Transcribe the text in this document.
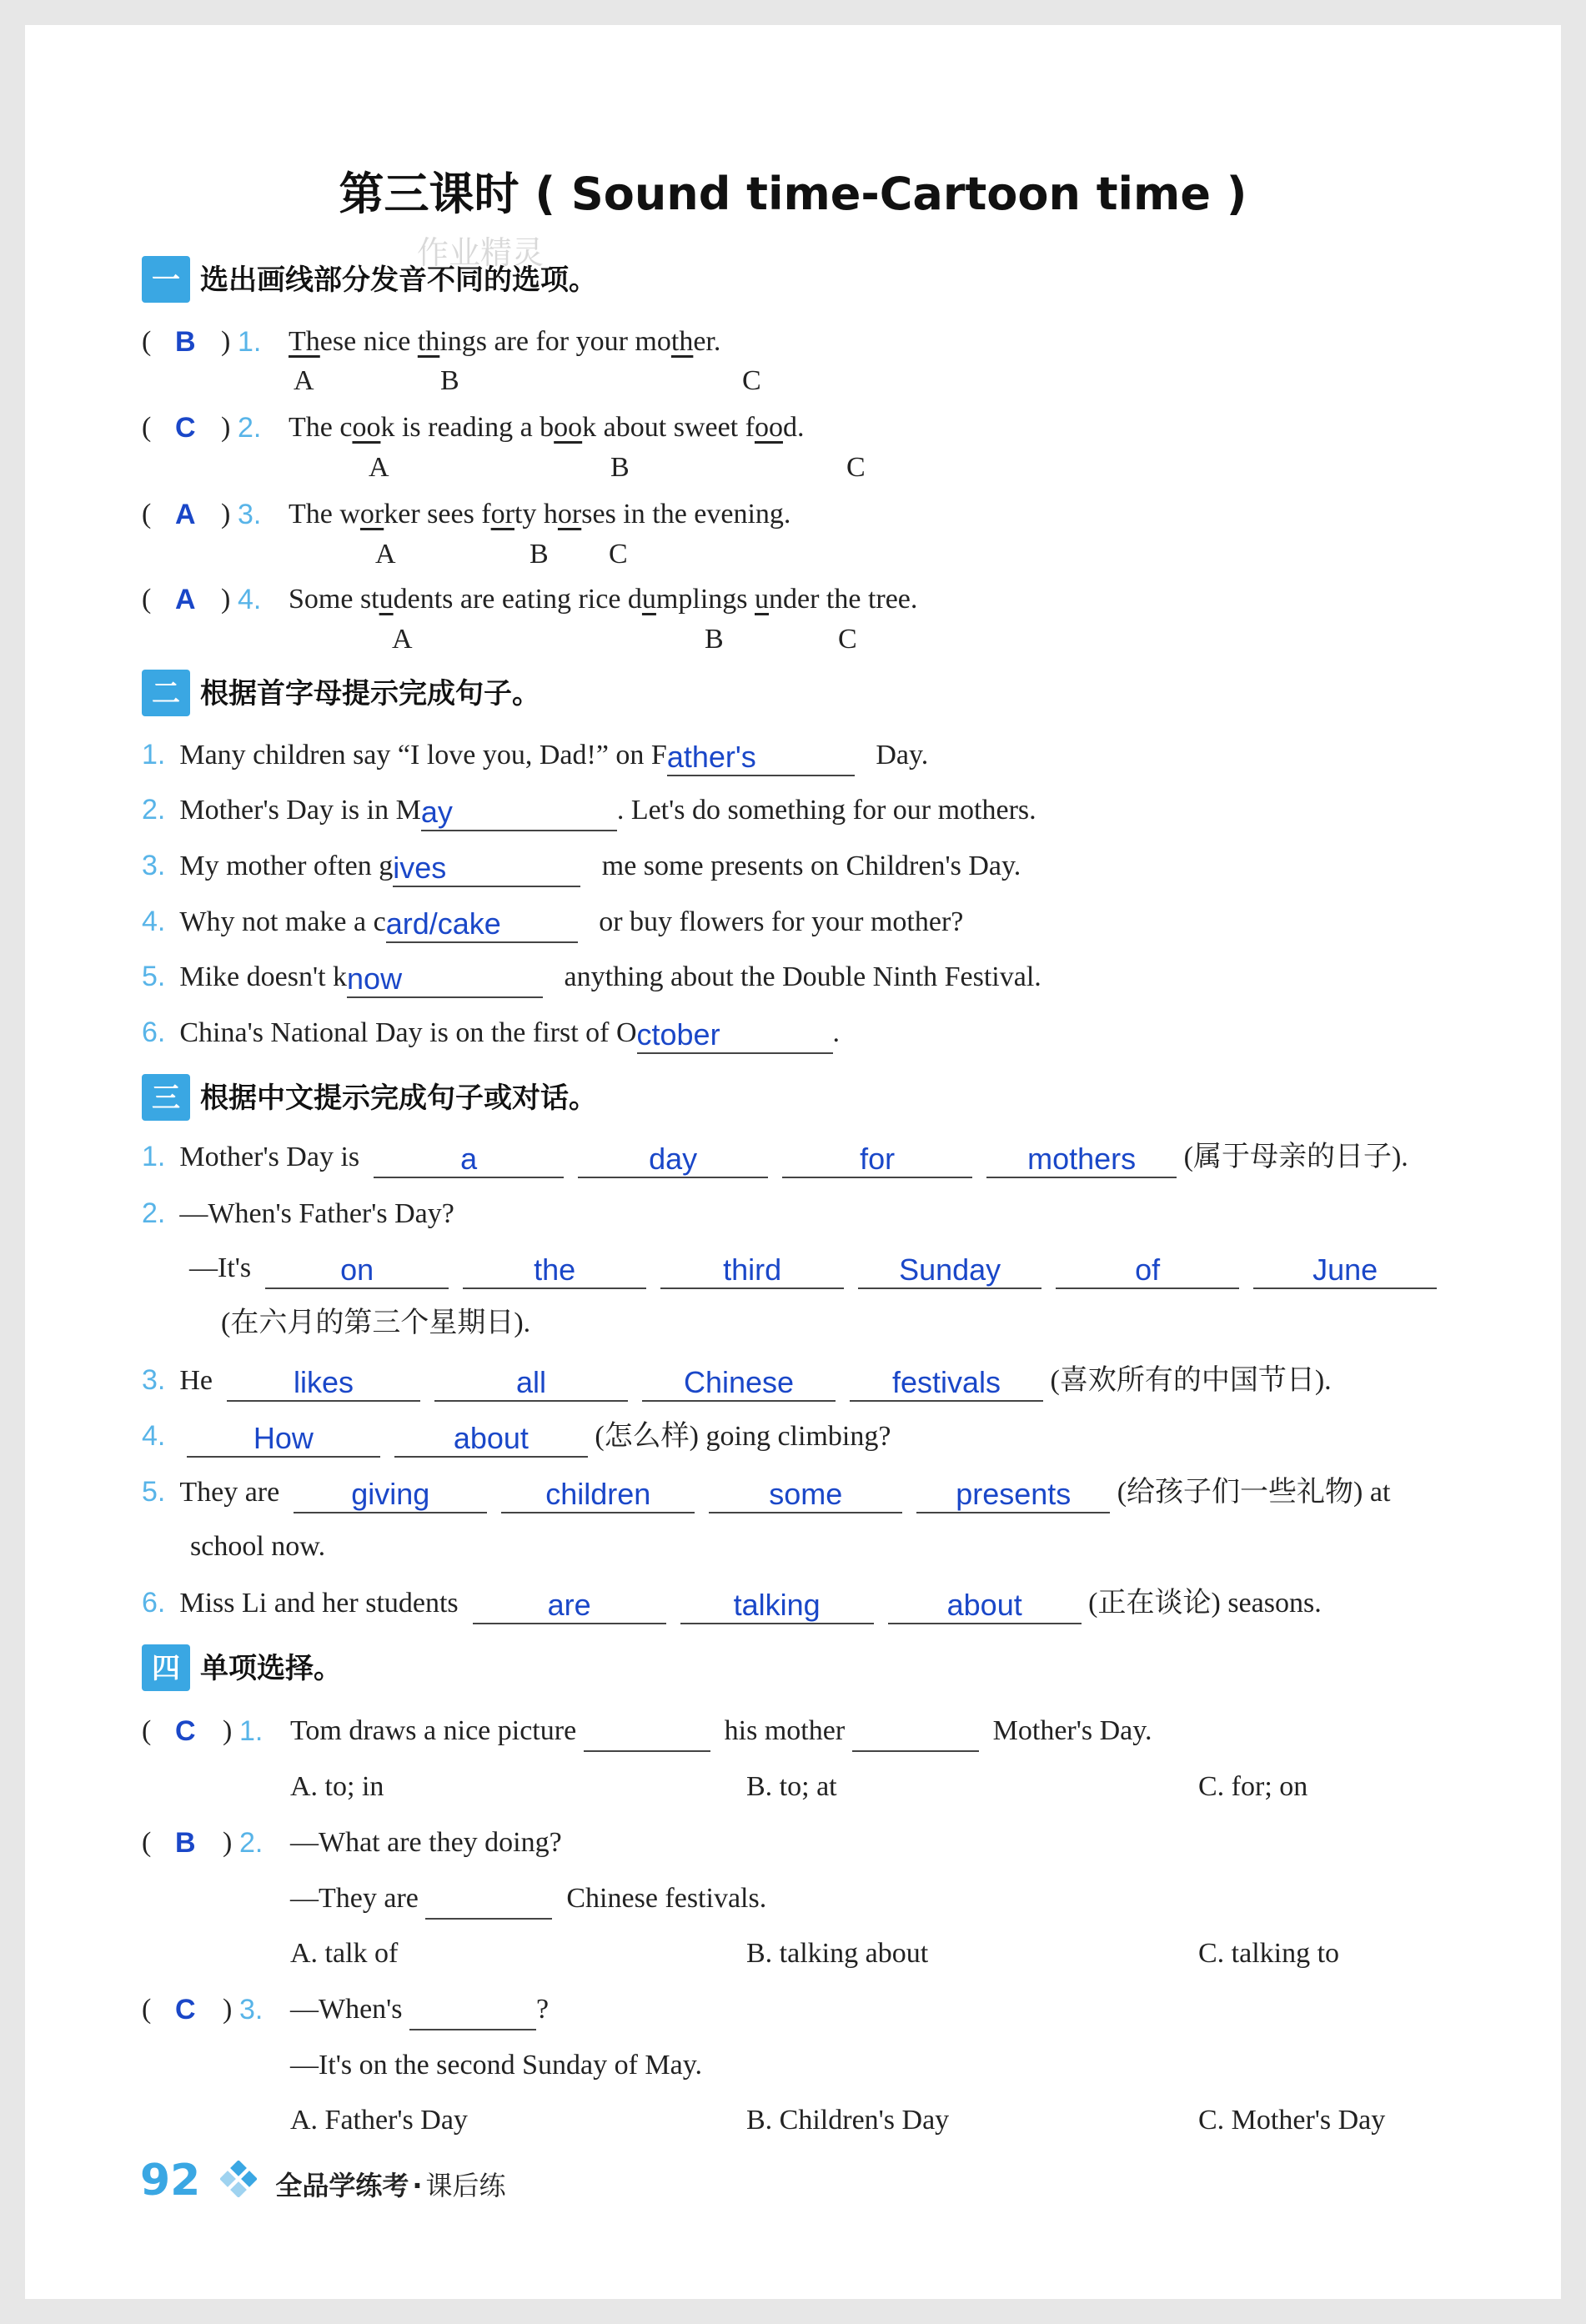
第三课时 ( Sound time-Cartoon time )
作业精灵
一 选出画线部分发音不同的选项。
( B ) 1. These nice things are for your mother.
A	B	C
( C ) 2. The cook is reading a book about sweet food.
A	B	C
( A ) 3. The worker sees forty horses in the evening.
A	B C
( A ) 4. Some students are eating rice dumplings under the tree.
A	B	C
二 根据首字母提示完成句子。
1. Many children say “I love you, Dad!” on Father's	Day.
2. Mother's Day is in May	. Let's do something for our mothers.
3. My mother often gives	me some presents on Children's Day.
4. Why not make a card/cake	or buy flowers for your mother?
5. Mike doesn't know	anything about the Double Ninth Festival.
6. China's National Day is on the first of October	.
三 根据中文提示完成句子或对话。
1. Mother's Day is	a	day	for	mothers (属于母亲的日子).
2. —When's Father's Day?
—It's	on	the	third	Sunday	of	June
(在六月的第三个星期日).
3. He	likes	all	Chinese	festivals (喜欢所有的中国节日).
4.	How	about (怎么样) going climbing?
5. They are giving	children	some	presents (给孩子们一些礼物) at
school now.
6. Miss Li and her students	are	talking	about (正在谈论) seasons.
四 单项选择。
( C ) 1. Tom draws a nice picture	his mother	Mother's Day.
A. to; in	B. to; at	C. for; on
( B ) 2. —What are they doing?
—They are	Chinese festivals.
A. talk of	B. talking about	C. talking to
( C ) 3. —When's	?
—It's on the second Sunday of May.
A. Father's Day	B. Children's Day	C. Mother's Day
92	全品学练考 · 课后练
